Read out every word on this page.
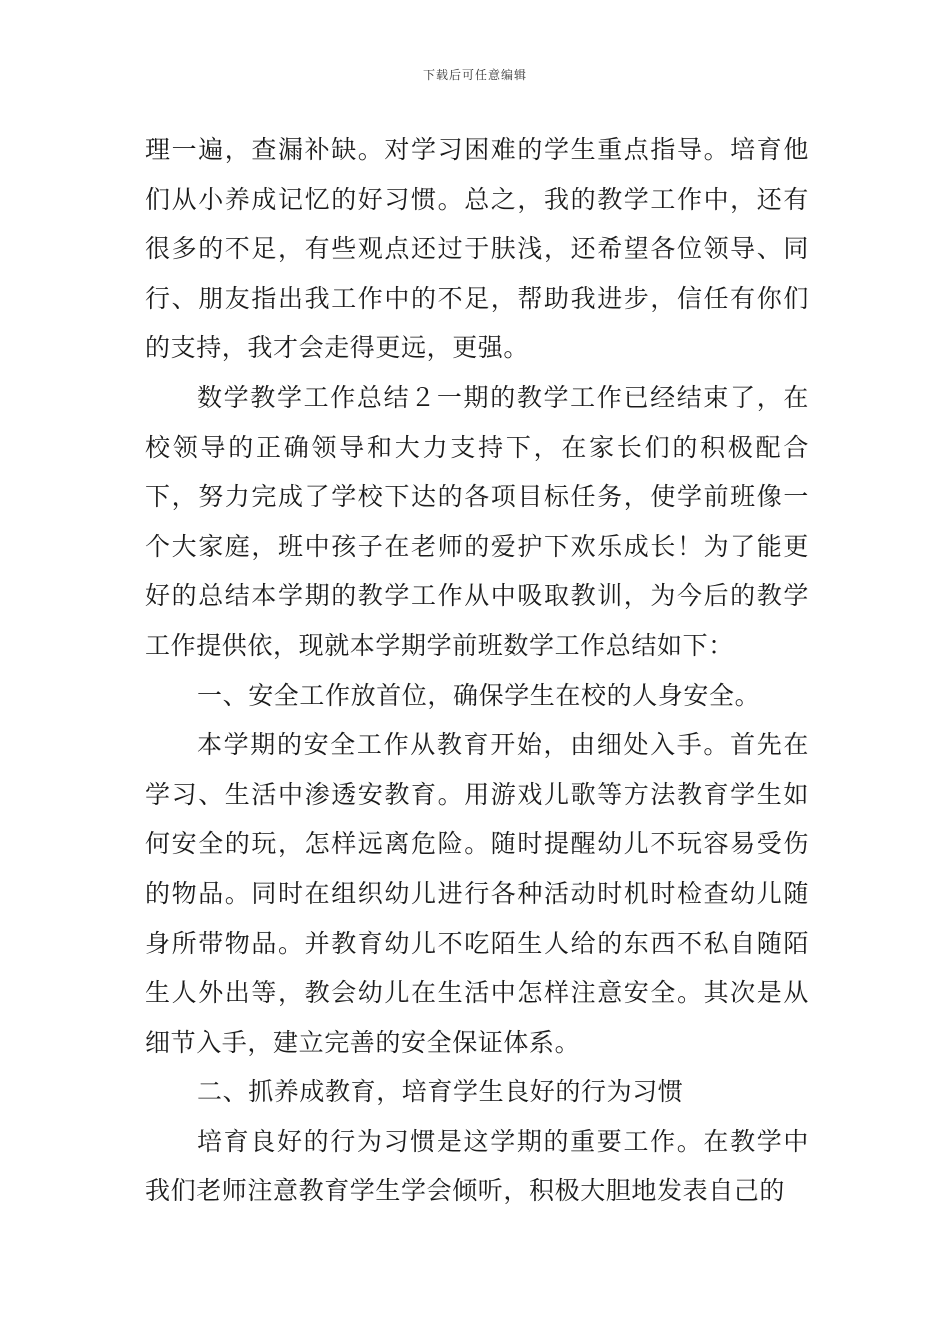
下载后可任意编辑

理一遍，查漏补缺。对学习困难的学生重点指导。培育他们从小养成记忆的好习惯。总之，我的教学工作中，还有很多的不足，有些观点还过于肤浅，还希望各位领导、同行、朋友指出我工作中的不足，帮助我进步，信任有你们的支持，我才会走得更远，更强。

数学教学工作总结２一期的教学工作已经结束了，在校领导的正确领导和大力支持下，在家长们的积极配合下，努力完成了学校下达的各项目标任务，使学前班像一个大家庭，班中孩子在老师的爱护下欢乐成长！为了能更好的总结本学期的教学工作从中吸取教训，为今后的教学工作提供依，现就本学期学前班数学工作总结如下：

一、安全工作放首位，确保学生在校的人身安全。

本学期的安全工作从教育开始，由细处入手。首先在学习、生活中渗透安教育。用游戏儿歌等方法教育学生如何安全的玩，怎样远离危险。随时提醒幼儿不玩容易受伤的物品。同时在组织幼儿进行各种活动时机时检查幼儿随身所带物品。并教育幼儿不吃陌生人给的东西不私自随陌生人外出等，教会幼儿在生活中怎样注意安全。其次是从细节入手，建立完善的安全保证体系。

二、抓养成教育，培育学生良好的行为习惯

培育良好的行为习惯是这学期的重要工作。在教学中我们老师注意教育学生学会倾听，积极大胆地发表自己的
